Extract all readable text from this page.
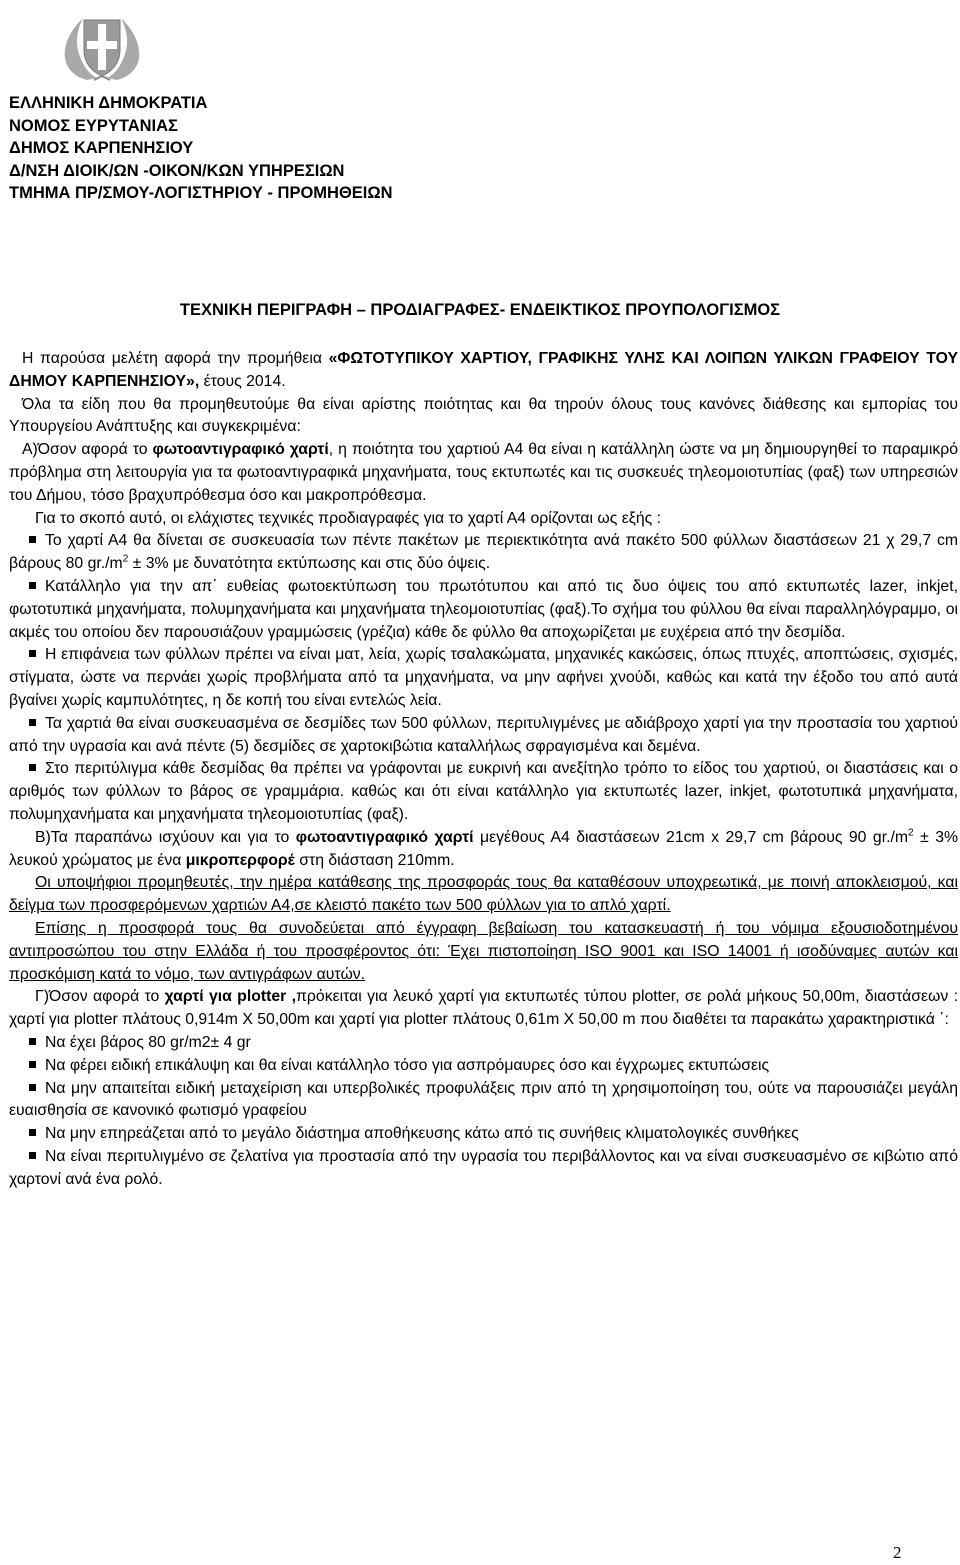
ΕΛΛΗΝΙΚΗ ΔΗΜΟΚΡΑΤΙΑ
ΝΟΜΟΣ ΕΥΡΥΤΑΝΙΑΣ
ΔΗΜΟΣ ΚΑΡΠΕΝΗΣΙΟΥ
Δ/ΝΣΗ ΔΙΟΙΚ/ΩΝ -ΟΙΚΟΝ/ΚΩΝ ΥΠΗΡΕΣΙΩΝ
ΤΜΗΜΑ ΠΡ/ΣΜΟΥ-ΛΟΓΙΣΤΗΡΙΟΥ - ΠΡΟΜΗΘΕΙΩΝ
ΤΕΧΝΙΚΗ ΠΕΡΙΓΡΑΦΗ – ΠΡΟΔΙΑΓΡΑΦΕΣ- ΕΝΔΕΙΚΤΙΚΟΣ ΠΡΟΥΠΟΛΟΓΙΣΜΟΣ

Η παρούσα μελέτη αφορά την προμήθεια «ΦΩΤΟΤΥΠΙΚΟΥ ΧΑΡΤΙΟΥ, ΓΡΑΦΙΚΗΣ ΥΛΗΣ ΚΑΙ ΛΟΙΠΩΝ ΥΛΙΚΩΝ ΓΡΑΦΕΙΟΥ ΤΟΥ ΔΗΜΟΥ ΚΑΡΠΕΝΗΣΙΟΥ», έτους 2014.

Όλα τα είδη που θα προμηθευτούμε θα είναι αρίστης ποιότητας και θα τηρούν όλους τους κανόνες διάθεσης και εμπορίας του Υπουργείου Ανάπτυξης και συγκεκριμένα:

Α)Όσον αφορά το φωτοαντιγραφικό χαρτί, η ποιότητα του χαρτιού Α4 θα είναι η κατάλληλη ώστε να μη δημιουργηθεί το παραμικρό πρόβλημα στη λειτουργία για τα φωτοαντιγραφικά μηχανήματα, τους εκτυπωτές και τις συσκευές τηλεομοιοτυπίας (φαξ) των υπηρεσιών του Δήμου, τόσο βραχυπρόθεσμα όσο και μακροπρόθεσμα.

Για το σκοπό αυτό, οι ελάχιστες τεχνικές προδιαγραφές για το χαρτί Α4 ορίζονται ως εξής :

Το χαρτί Α4 θα δίνεται σε συσκευασία των πέντε πακέτων με περιεκτικότητα ανά πακέτο 500 φύλλων διαστάσεων 21 χ 29,7 cm βάρους 80 $gr./m^2 \pm 3\%$ με δυνατότητα εκτύπωσης και στις δύο όψεις.

Κατάλληλο για την απ΄ ευθείας φωτοεκτύπωση του πρωτότυπου και από τις δυο όψεις του από εκτυπωτές lazer, inkjet, φωτοτυπικά μηχανήματα, πολυμηχανήματα και μηχανήματα τηλεομοιοτυπίας (φαξ).Το σχήμα του φύλλου θα είναι παραλληλόγραμμο, οι ακμές του οποίου δεν παρουσιάζουν γραμμώσεις (γρέζια) κάθε δε φύλλο θα αποχωρίζεται με ευχέρεια από την δεσμίδα.

Η επιφάνεια των φύλλων πρέπει να είναι ματ, λεία, χωρίς τσαλακώματα, μηχανικές κακώσεις, όπως πτυχές, αποπτώσεις, σχισμές, στίγματα, ώστε να περνάει χωρίς προβλήματα από τα μηχανήματα, να μην αφήνει χνούδι, καθώς και κατά την έξοδο του από αυτά βγαίνει χωρίς καμπυλότητες, η δε κοπή του είναι εντελώς λεία.

Τα χαρτιά θα είναι συσκευασμένα σε δεσμίδες των 500 φύλλων, περιτυλιγμένες με αδιάβροχο χαρτί για την προστασία του χαρτιού από την υγρασία και ανά πέντε (5) δεσμίδες σε χαρτοκιβώτια καταλλήλως σφραγισμένα και δεμένα.

Στο περιτύλιγμα κάθε δεσμίδας θα πρέπει να γράφονται με ευκρινή και ανεξίτηλο τρόπο το είδος του χαρτιού, οι διαστάσεις και ο αριθμός των φύλλων το βάρος σε γραμμάρια. καθώς και ότι είναι κατάλληλο για εκτυπωτές lazer, inkjet, φωτοτυπικά μηχανήματα, πολυμηχανήματα και μηχανήματα τηλεομοιοτυπίας (φαξ).

Β)Τα παραπάνω ισχύουν και για το φωτοαντιγραφικό χαρτί μεγέθους Α4 διαστάσεων 21cm x 29,7 cm βάρους 90 $gr./m^2 \pm 3\%$ λευκού χρώματος με ένα μικροπερφορέ στη διάσταση 210mm.

Οι υποψήφιοι προμηθευτές, την ημέρα κατάθεσης της προσφοράς τους θα καταθέσουν υποχρεωτικά, με ποινή αποκλεισμού, και δείγμα των προσφερόμενων χαρτιών Α4,σε κλειστό πακέτο των 500 φύλλων για το απλό χαρτί.

Επίσης η προσφορά τους θα συνοδεύεται από έγγραφη βεβαίωση του κατασκευαστή ή του νόμιμα εξουσιοδοτημένου αντιπροσώπου του στην Ελλάδα ή του προσφέροντος ότι: Έχει πιστοποίηση ISO 9001 και ISO 14001 ή ισοδύναμες αυτών και προσκόμιση κατά το νόμο, των αντιγράφων αυτών.

Γ)Όσον αφορά το χαρτί για plotter ,πρόκειται για λευκό χαρτί για εκτυπωτές τύπου plotter, σε ρολά μήκους 50,00m, διαστάσεων : χαρτί για plotter πλάτους 0,914m X 50,00m και χαρτί για plotter πλάτους 0,61m X 50,00 m που διαθέτει τα παρακάτω χαρακτηριστικά ΄:

Να έχει βάρος 80 gr/m2± 4 gr

Να φέρει ειδική επικάλυψη και θα είναι κατάλληλο τόσο για ασπρόμαυρες όσο και έγχρωμες εκτυπώσεις

Να μην απαιτείται ειδική μεταχείριση και υπερβολικές προφυλάξεις πριν από τη χρησιμοποίηση του, ούτε να παρουσιάζει μεγάλη ευαισθησία σε κανονικό φωτισμό γραφείου

Να μην επηρεάζεται από το μεγάλο διάστημα αποθήκευσης κάτω από τις συνήθεις κλιματολογικές συνθήκες

Να είναι περιτυλιγμένο σε ζελατίνα για προστασία από την υγρασία του περιβάλλοντος και να είναι συσκευασμένο σε κιβώτιο από χαρτονί ανά ένα ρολό.

2
